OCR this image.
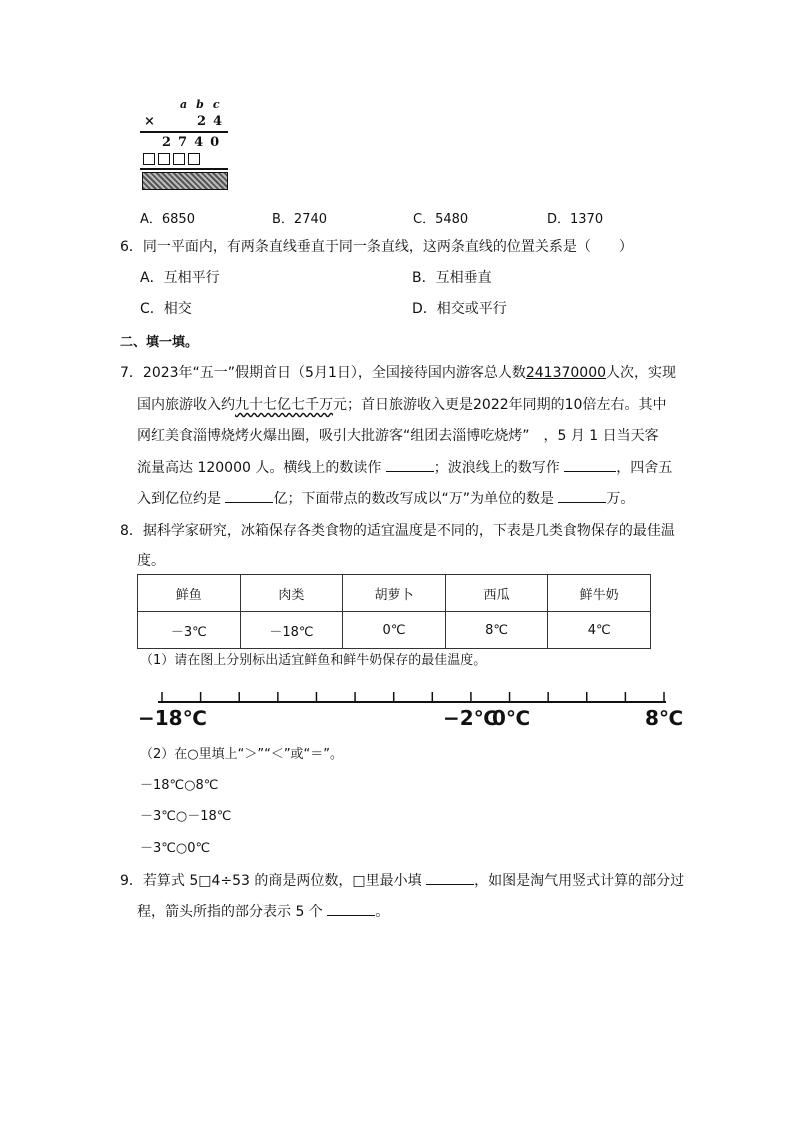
abc
×	24
2740
A．6850	B．2740	C．5480	D．1370
6．同一平面内，有两条直线垂直于同一条直线，这两条直线的位置关系是（　　）
A．互相平行	B．互相垂直
C．相交	D．相交或平行
二、填一填。
7．2023年“五一”假期首日（5月1日），全国接待国内游客总人数241370000人次，实现
国内旅游收入约九十七亿七千万元；首日旅游收入更是2022年同期的10倍左右。其中
网红美食淄博烧烤火爆出圈，吸引大批游客“组团去淄博吃烧烤”　，5 月 1 日当天客
流量高达 120000 人。横线上的数读作	；波浪线上的数写作	，四舍五
入到亿位约是	亿；下面带点的数改写成以“万”为单位的数是	万。
8．据科学家研究，冰箱保存各类食物的适宜温度是不同的，下表是几类食物保存的最佳温
度。
鲜鱼	肉类	胡萝卜	西瓜	鲜牛奶
－3℃	－18℃	0℃	8℃	4℃
（1）请在图上分别标出适宜鲜鱼和鲜牛奶保存的最佳温度。
−18℃	−2℃
0℃	8℃
（2）在○里填上“＞”“＜”或“＝”。
－18℃○8℃
－3℃○－18℃
－3℃○0℃
9．若算式 5□4÷53 的商是两位数，□里最小填	，如图是淘气用竖式计算的部分过
程，箭头所指的部分表示 5 个	。
